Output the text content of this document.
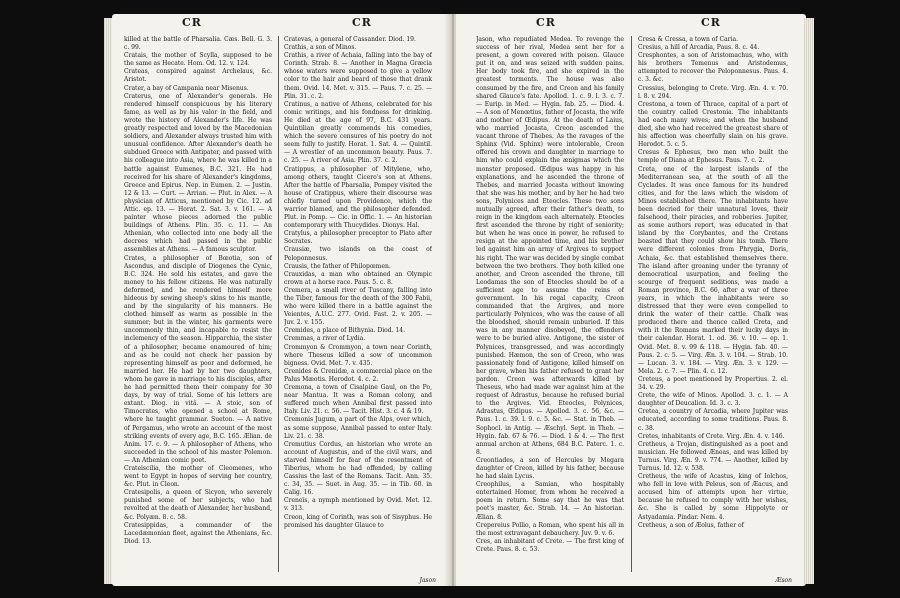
CR	CR

killed at the battle of Pharsalia. Cæs. Bell. G. 3. c. 99.

Cratais, the mother of Scylla, supposed to be the same as Hecate. Hom. Od. 12. v. 124.

Crateas, conspired against Archelaus, &c. Aristot.

Crater, a bay of Campania near Misenus.

Craterus, one of Alexander's generals. He rendered himself conspicuous by his literary fame, as well as by his valor in the field, and wrote the history of Alexander's life. He was greatly respected and loved by the Macedonian soldiers, and Alexander always trusted him with unusual confidence. After Alexander's death he subdued Greece with Antipater, and passed with his colleague into Asia, where he was killed in a battle against Eumenes, B.C. 321. He had received for his share of Alexander's kingdoms, Greece and Epirus. Nep. in Eumen. 2. — Justin. 12 & 13. — Curt. — Arrian. — Plut. in Alex. — A physician of Atticus, mentioned by Cic. 12. ad Attic. ep. 13. — Horat. 2. Sat. 3. v. 161. — A painter whose pieces adorned the public buildings of Athens. Plin. 35. c. 11. — An Athenian, who collected into one body all the decrees which had passed in the public assemblies at Athens. — A famous sculptor.

Crates, a philosopher of Bœotia, son of Ascondus, and disciple of Diogenes the Cynic, B.C. 324. He sold his estates, and gave the money to his fellow citizens. He was naturally deformed, and he rendered himself more hideous by sewing sheep's skins to his mantle, and by the singularity of his manners. He clothed himself as warm as possible in the summer; but in the winter, his garments were uncommonly thin, and incapable to resist the inclemency of the season. Hipparchia, the sister of a philosopher, became enamoured of him; and as he could not check her passion by representing himself as poor and deformed, he married her. He had by her two daughters, whom he gave in marriage to his disciples, after he had permitted them their company for 30 days, by way of trial. Some of his letters are extant. Diog. in vitâ. — A stoic, son of Timocrates, who opened a school at Rome, where he taught grammar. Sueton. — A native of Pergamus, who wrote an account of the most striking events of every age, B.C. 165. Ælian. de Anim. 17. c. 9. — A philosopher of Athens, who succeeded in the school of his master Polemon. — An Athenian comic poet.

Crateiscilia, the mother of Cleomenes, who went to Egypt in hopes of serving her country, &c. Plut. in Cleon.

Cratesipolis, a queen of Sicyon, who severely punished some of her subjects, who had revolted at the death of Alexander, her husband, &c. Polyæn. 8. c. 58.

Cratesippidas, a commander of the Lacedæmonian fleet, against the Athenians, &c. Diod. 13.

Cratevas, a general of Cassander. Diod. 19.

Crathis, a son of Minos.

Crathis, a river of Achaia, falling into the bay of Corinth. Strab. 8. — Another in Magna Græcia whose waters were supposed to give a yellow color to the hair and beard of those that drank them. Ovid. 14. Met. v. 315. — Paus. 7. c. 25. — Plin. 31. c. 2.

Cratinus, a native of Athens, celebrated for his comic writings, and his fondness for drinking. He died at the age of 97, B.C. 431 years. Quintilian greatly commends his comedies, which the severe censures of his poetry do not seem fully to justify. Horat. 1. Sat. 4. — Quintil. — A wrestler of an uncommon beauty. Paus. 7. c. 25. — A river of Asia. Plin. 37. c. 2.

Cratippus, a philosopher of Mitylene, who, among others, taught Cicero's son at Athens. After the battle of Pharsalia, Pompey visited the house of Cratippus, where their discourse was chiefly turned upon Providence, which the warrior blamed, and the philosopher defended. Plut. in Pomp. — Cic. in Offic. 1. — An historian contemporary with Thucydides. Dionys. Hal.

Cratylus, a philosopher preceptor to Plato after Socrates.

Crausiæ, two islands on the coast of Peloponnesus.

Crausis, the father of Philopœmen.

Crauxidas, a man who obtained an Olympic crown at a horse race. Paus. 5. c. 8.

Cremera, a small river of Tuscany, falling into the Tiber, famous for the death of the 300 Fabii, who were killed there in a battle against the Veientes, A.U.C. 277. Ovid. Fast. 2. v. 205. — Juv. 2. v. 155.

Cremides, a place of Bithynia. Diod. 14.

Cremmas, a river of Lydia.

Crommyon & Crommyon, a town near Corinth, where Theseus killed a sow of uncommon bigness. Ovid. Met. 7. v. 435.

Crenides & Crenidæ, a commercial place on the Palus Mæotis. Herodot. 4. c. 2.

Cremona, a town of Cisalpine Gaul, on the Po, near Mantua. It was a Roman colony, and suffered much when Annibal first passed into Italy. Liv. 21. c. 56. — Tacit. Hist. 3. c. 4 & 19.

Cremonis Jugum, a part of the Alps, over which, as some suppose, Annibal passed to enter Italy. Liv. 21. c. 38.

Cremutius Cordus, an historian who wrote an account of Augustus, and of the civil wars, and starved himself for fear of the resentment of Tiberius, whom he had offended, by calling Cassius the last of the Romans. Tacit. Ann. 35. c. 34, 35. — Suet. in Aug. 35. — in Tib. 60. in Calig. 16.

Creneïs, a nymph mentioned by Ovid. Met. 12. v. 313.

Creon, king of Corinth, was son of Sisyphus. He promised his daughter Glauce to

Jason
CR	CR

Jason, who repudiated Medea. To revenge the success of her rival, Medea sent her for a present, a gown covered with poison. Glauce put it on, and was seized with sudden pains. Her body took fire, and she expired in the greatest torments. The house was also consumed by the fire, and Creon and his family shared Glauce's fate. Apollod. 1. c. 9. l. 3. c. 7. — Eurip. in Med. — Hygin. fab. 25. — Diod. 4. — A son of Menœtius, father of Jocasta, the wife and mother of Œdipus. At the death of Laius, who married Jocasta, Creon ascended the vacant throne of Thebes. As the ravages of the Sphinx (Vid. Sphinx) were intolerable, Creon offered his crown and daughter in marriage to him who could explain the ænigmas which the monster proposed. Œdipus was happy in his explanations, and he ascended the throne of Thebes, and married Jocasta without knowing that she was his mother, and by her he had two sons, Polynices and Eteocles. These two sons mutually agreed, after their father's death, to reign in the kingdom each alternately. Eteocles first ascended the throne by right of seniority; but when he was once in power, he refused to resign at the appointed time, and his brother led against him an army of Argives to support his right. The war was decided by single combat between the two brothers. They both killed one another, and Creon ascended the throne, till Leodamas the son of Eteocles should be of a sufficient age to assume the reins of government. In his regal capacity, Creon commanded that the Argives, and more particularly Polynices, who was the cause of all the bloodshed, should remain unburied. If this was in any manner disobeyed, the offenders were to be buried alive. Antigone, the sister of Polynices, transgressed, and was accordingly punished. Hæmon, the son of Creon, who was passionately fond of Antigone, killed himself on her grave, when his father refused to grant her pardon. Creon was afterwards killed by Theseus, who had made war against him at the request of Adrastus, because he refused burial to the Argives. Vid. Eteocles, Polynices, Adrastus, Œdipus. — Apollod. 3. c. 56, &c. — Paus. 1. c. 39. l. 9. c. 5. &c. — Stat. in Theb. — Sophocl. in Antig. — Æschyl. Sept. in Theb. — Hygin. fab. 67 & 76. — Diod. 1 & 4. — The first annual archon at Athens, 684 B.C. Paterc. 1. c. 8.

Creontiades, a son of Hercules by Megara daughter of Creon, killed by his father, because he had slain Lycus.

Creophilus, a Samian, who hospitably entertained Homer, from whom he received a poem in return. Some say that he was that poet's master, &c. Strab. 14. — An historian. Ælian. 8.

Crepereius Pollio, a Roman, who spent his all in the most extravagant debauchery. Juv. 9. v. 6.

Cres, an inhabitant of Crete. — The first king of Crete. Paus. 8. c. 53.

Cresa & Cressa, a town of Caria.

Cresius, a hill of Arcadia, Paus. 8. c. 44.

Cresphontes, a son of Aristomachus, who, with his brothers Temenus and Aristodemus, attempted to recover the Peloponnesus. Paus. 4. c. 3. &c.

Cressius, belonging to Crete. Virg. Æn. 4. v. 70. l. 8. v. 294.

Crestona, a town of Thrace, capital of a part of the country called Crestonia. The inhabitants had each many wives; and when the husband died, she who had received the greatest share of his affection was cheerfully slain on his grave. Herodot. 5. c. 5.

Cresus & Ephesus, two men who built the temple of Diana at Ephesus. Paus. 7. c. 2.

Creta, one of the largest islands of the Mediterranean sea, at the south of all the Cyclades. It was once famous for its hundred cities, and for the laws which the wisdom of Minos established there. The inhabitants have been decried for their unnatural loves, their falsehood, their piracies, and robberies. Jupiter, as some authors report, was educated in that island by the Corybantes, and the Cretans boasted that they could show his tomb. There were different colonies from Phrygia, Doris, Achaia, &c. that established themselves there. The island after groaning under the tyranny of democratical usurpation, and feeling the scourge of frequent seditions, was made a Roman province, B.C. 66, after a war of three years, in which the inhabitants were so distressed that they were even compelled to drink the water of their cattle. Chalk was produced there and thence called Creta, and with it the Romans marked their lucky days in their calendar. Horat. 1. od. 36. v. 10. — ep. 1. Ovid. Met. 8. v. 99 & 118. — Hygin. fab. 40. — Paus. 2. c. 5. — Virg. Æn. 3. v. 104. — Strab. 10. — Lucan. 3. v. 184. — Virg. Æn. 3. v. 129. — Mela. 2. c. 7. — Plin. 4. c. 12.

Creteus, a poet mentioned by Propertius. 2. el. 34. v. 29.

Crete, the wife of Minos. Apollod. 3. c. 1. — A daughter of Deucalion. Id. 3. c. 3.

Cretea, a country of Arcadia, where Jupiter was educated, according to some traditions. Paus. 8. c. 38.

Cretes, inhabitants of Crete. Virg. Æn. 4. v. 146.

Cretheus, a Trojan, distinguished as a poet and musician. He followed Æneas, and was killed by Turnus. Virg. Æn. 9. v. 774. — Another, killed by Turnus. Id. 12. v. 538.

Cretheus, the wife of Acastus, king of Iolchos, who fell in love with Peleus, son of Æacus, and accused him of attempts upon her virtue, because he refused to comply with her wishes, &c. She is called by some Hippolyte or Astyadamia. Pindar. Nem. 4.

Cretheus, a son of Æolus, father of

Æson
